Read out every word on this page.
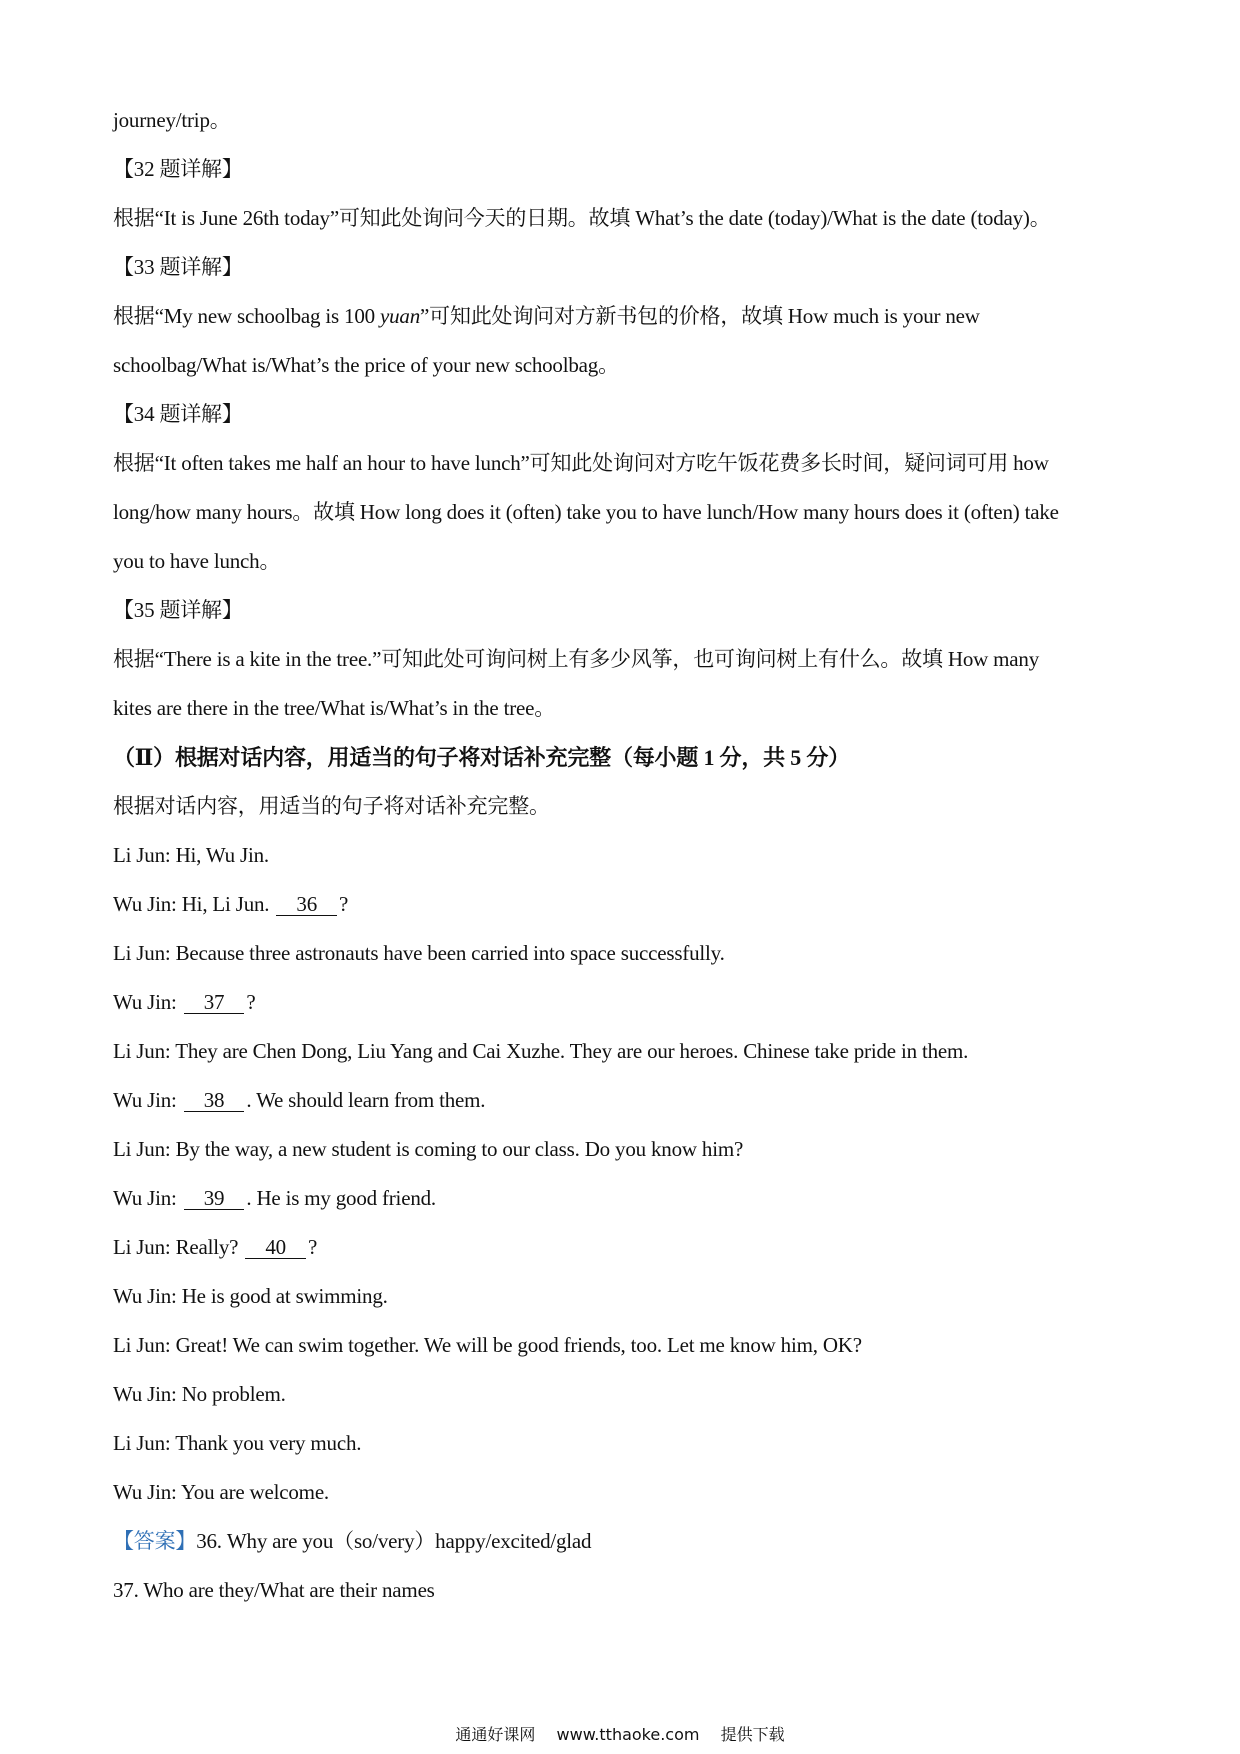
journey/trip。
【32 题详解】
根据“It is June 26th today”可知此处询问今天的日期。故填 What’s the date (today)/What is the date (today)。
【33 题详解】
根据“My new schoolbag is 100 yuan”可知此处询问对方新书包的价格，故填 How much is your new
schoolbag/What is/What’s the price of your new schoolbag。
【34 题详解】
根据“It often takes me half an hour to have lunch”可知此处询问对方吃午饭花费多长时间，疑问词可用 how
long/how many hours。故填 How long does it (often) take you to have lunch/How many hours does it (often) take
you to have lunch。
【35 题详解】
根据“There is a kite in the tree.”可知此处可询问树上有多少风筝，也可询问树上有什么。故填 How many
kites are there in the tree/What is/What’s in the tree。
（Ⅱ）根据对话内容，用适当的句子将对话补充完整（每小题 1 分，共 5 分）
根据对话内容，用适当的句子将对话补充完整。
Li Jun: Hi, Wu Jin.
Wu Jin: Hi, Li Jun. 36 ?
Li Jun: Because three astronauts have been carried into space successfully.
Wu Jin: 37 ?
Li Jun: They are Chen Dong, Liu Yang and Cai Xuzhe. They are our heroes. Chinese take pride in them.
Wu Jin: 38 . We should learn from them.
Li Jun: By the way, a new student is coming to our class. Do you know him?
Wu Jin: 39 . He is my good friend.
Li Jun: Really? 40 ?
Wu Jin: He is good at swimming.
Li Jun: Great! We can swim together. We will be good friends, too. Let me know him, OK?
Wu Jin: No problem.
Li Jun: Thank you very much.
Wu Jin: You are welcome.
【答案】36. Why are you（so/very）happy/excited/glad
37. Who are they/What are their names
通通好课网 www.tthaoke.com 提供下载
